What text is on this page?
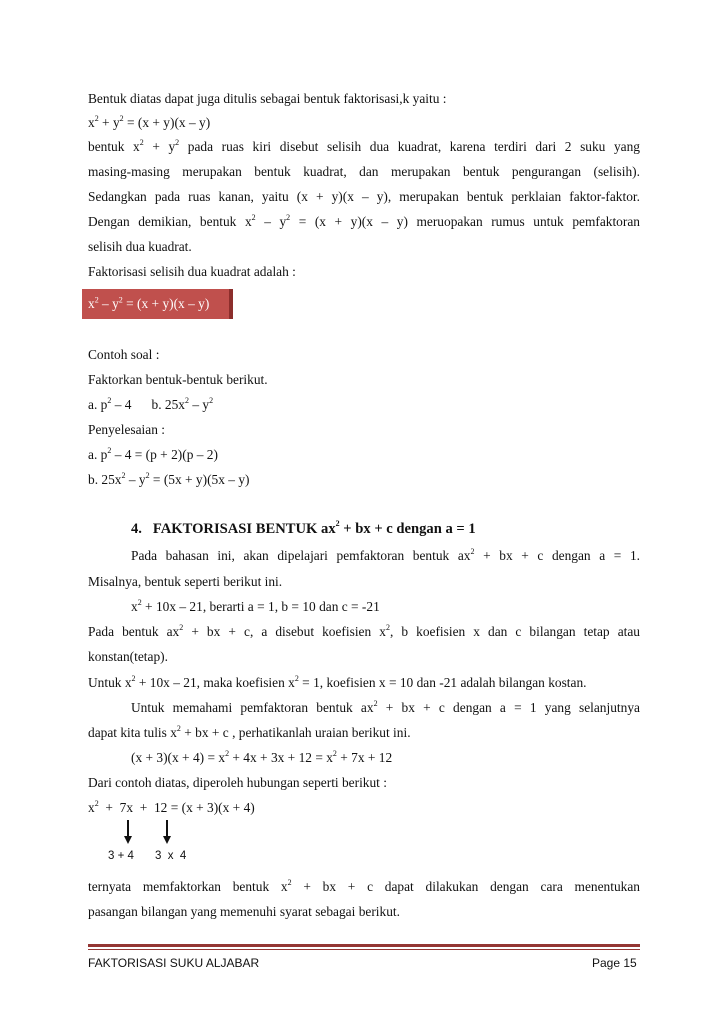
Bentuk diatas dapat juga ditulis sebagai bentuk faktorisasi,k yaitu :
$x^2 + y^2 = (x + y)(x - y)$
bentuk $x^2 + y^2$ pada ruas kiri disebut selisih dua kuadrat, karena terdiri dari 2 suku yang
masing-masing merupakan bentuk kuadrat, dan merupakan bentuk pengurangan (selisih).
Sedangkan pada ruas kanan, yaitu (x + y)(x – y), merupakan bentuk perklaian faktor-faktor.
Dengan demikian, bentuk $x^2 - y^2 = (x + y)(x - y)$ meruopakan rumus untuk pemfaktoran
selisih dua kuadrat.
Faktorisasi selisih dua kuadrat adalah :
$x^2 - y^2 = (x + y)(x - y)$
Contoh soal :
Faktorkan bentuk-bentuk berikut.
a. $p^2 - 4$      b. $25x^2 - y^2$
Penyelesaian :
a. $p^2 - 4 = (p + 2)(p - 2)$
b. $25x^2 - y^2 = (5x + y)(5x - y)$
4.   FAKTORISASI BENTUK $ax^2$ + bx + c dengan a = 1
Pada bahasan ini, akan dipelajari pemfaktoran bentuk $ax^2$ + bx + c dengan a = 1.
Misalnya, bentuk seperti berikut ini.
$x^2 + 10x - 21$, berarti a = 1, b = 10 dan c = -21
Pada bentuk $ax^2$ + bx + c, a disebut koefisien $x^2$, b koefisien x dan c bilangan tetap atau
konstan(tetap).
Untuk $x^2 + 10x - 21$, maka koefisien $x^2 = 1$, koefisien x = 10 dan -21 adalah bilangan kostan.
Untuk memahami pemfaktoran bentuk $ax^2$ + bx + c dengan a = 1 yang selanjutnya
dapat kita tulis $x^2$ + bx + c , perhatikanlah uraian berikut ini.
$(x + 3)(x + 4) = x^2 + 4x + 3x + 12 = x^2 + 7x + 12$
Dari contoh diatas, diperoleh hubungan seperti berikut :
$x^2 + 7x + 12 = (x + 3)(x + 4)$
3 + 4 3  x  4
ternyata memfaktorkan bentuk $x^2$ + bx + c dapat dilakukan dengan cara menentukan
pasangan bilangan yang memenuhi syarat sebagai berikut.
FAKTORISASI SUKU ALJABAR	Page 15
